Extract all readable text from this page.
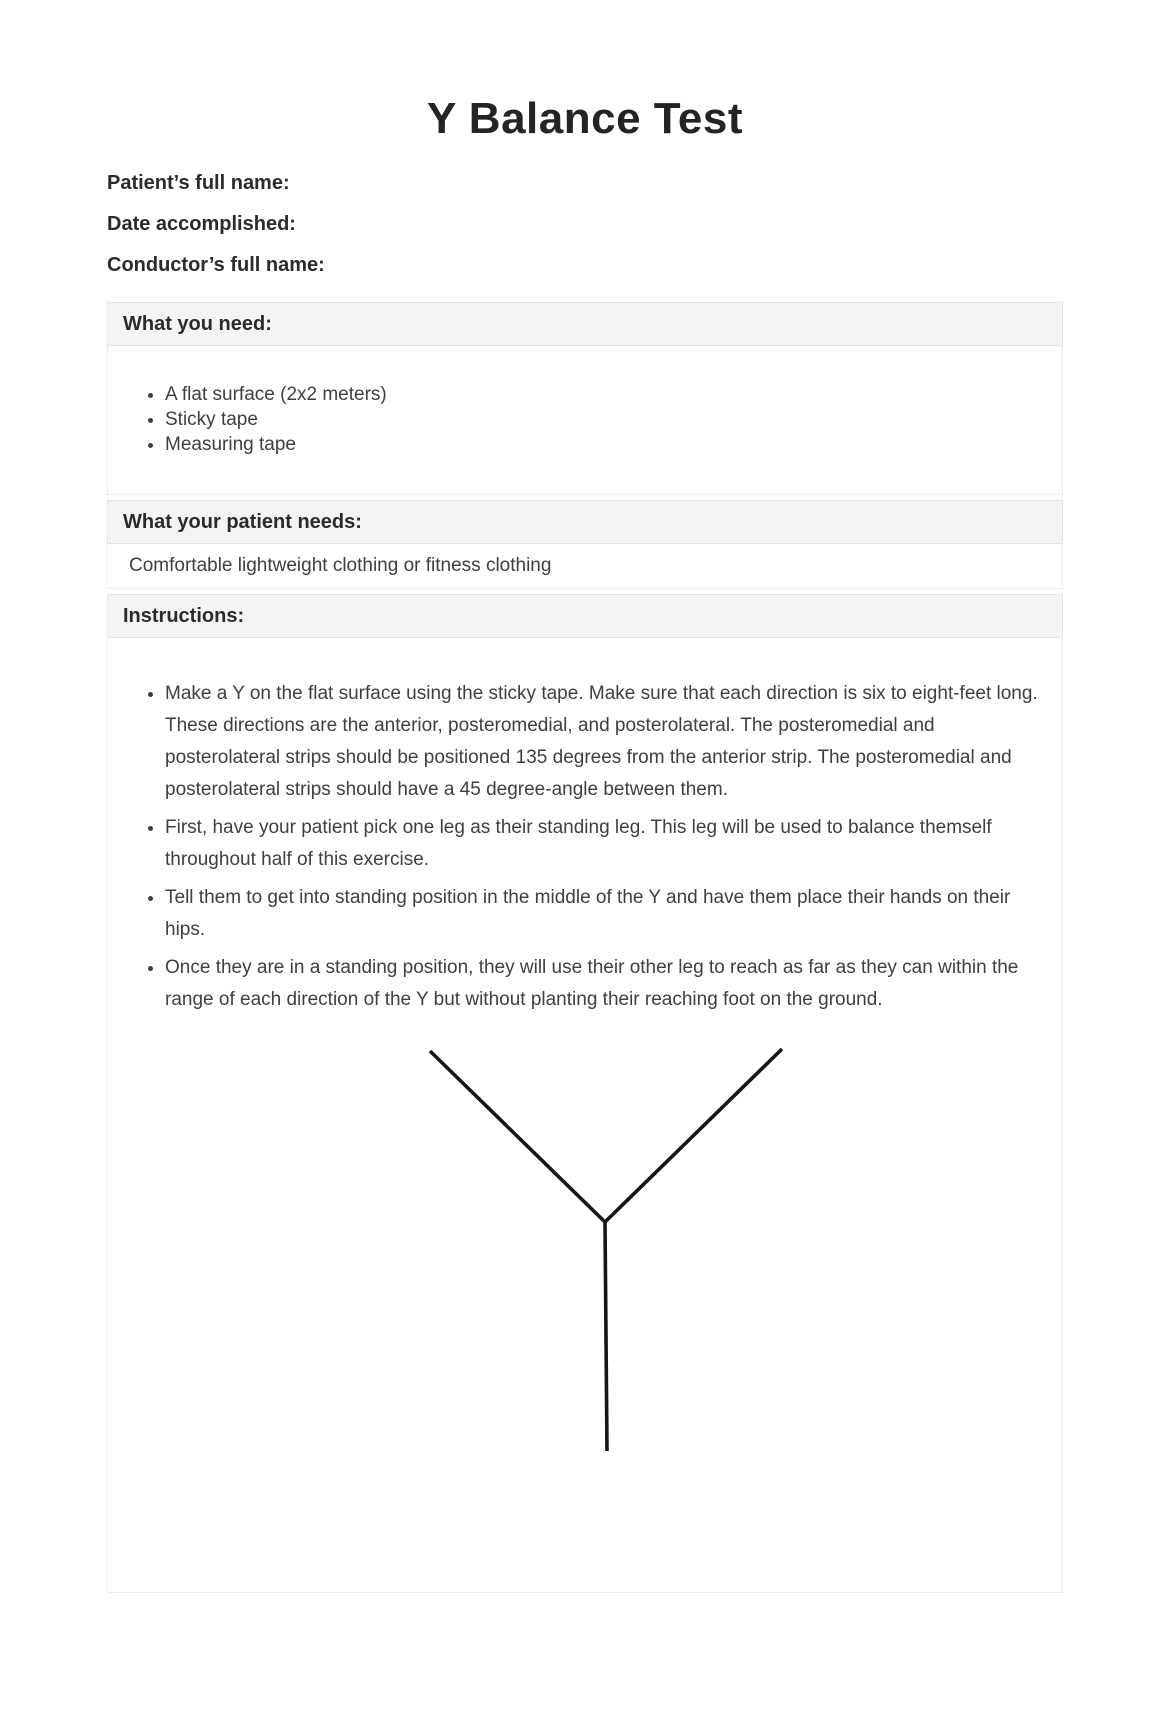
Y Balance Test
Patient’s full name:
Date accomplished:
Conductor’s full name:
What you need:
• A flat surface (2x2 meters)
• Sticky tape
• Measuring tape
What your patient needs:
Comfortable lightweight clothing or fitness clothing
Instructions:
• Make a Y on the flat surface using the sticky tape. Make sure that each direction is six to eight-feet long. These directions are the anterior, posteromedial, and posterolateral. The posteromedial and posterolateral strips should be positioned 135 degrees from the anterior strip. The posteromedial and posterolateral strips should have a 45 degree-angle between them.
• First, have your patient pick one leg as their standing leg. This leg will be used to balance themself throughout half of this exercise.
• Tell them to get into standing position in the middle of the Y and have them place their hands on their hips.
• Once they are in a standing position, they will use their other leg to reach as far as they can within the range of each direction of the Y but without planting their reaching foot on the ground.
